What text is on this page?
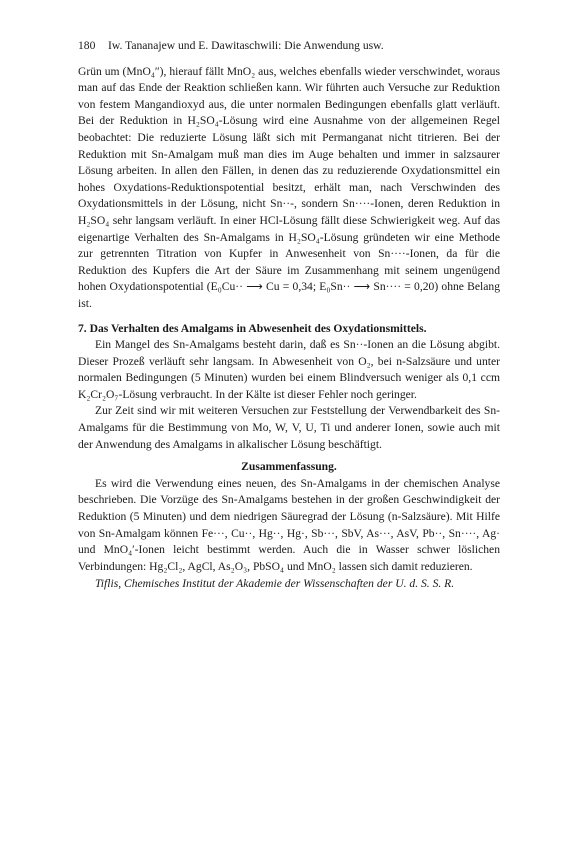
180 Iw. Tananajew und E. Dawitaschwili: Die Anwendung usw.

Grün um (MnO₄″), hierauf fällt MnO₂ aus, welches ebenfalls wieder verschwindet, woraus man auf das Ende der Reaktion schließen kann. Wir führten auch Versuche zur Reduktion von festem Mangandioxyd aus, die unter normalen Bedingungen ebenfalls glatt verläuft. Bei der Reduktion in H₂SO₄-Lösung wird eine Ausnahme von der allgemeinen Regel beobachtet: Die reduzierte Lösung läßt sich mit Permanganat nicht titrieren. Bei der Reduktion mit Sn-Amalgam muß man dies im Auge behalten und immer in salzsaurer Lösung arbeiten. In allen den Fällen, in denen das zu reduzierende Oxydationsmittel ein hohes Oxydations-Reduktionspotential besitzt, erhält man, nach Verschwinden des Oxydationsmittels in der Lösung, nicht Sn··-, sondern Sn····-Ionen, deren Reduktion in H₂SO₄ sehr langsam verläuft. In einer HCl-Lösung fällt diese Schwierigkeit weg. Auf das eigenartige Verhalten des Sn-Amalgams in H₂SO₄-Lösung gründeten wir eine Methode zur getrennten Titration von Kupfer in Anwesenheit von Sn····-Ionen, da für die Reduktion des Kupfers die Art der Säure im Zusammenhang mit seinem ungenügend hohen Oxydationspotential (E₀Cu·· ⟶ Cu = 0,34; E₀Sn·· ⟶ Sn···· = 0,20) ohne Belang ist.

7. Das Verhalten des Amalgams in Abwesenheit des Oxydationsmittels.

Ein Mangel des Sn-Amalgams besteht darin, daß es Sn··-Ionen an die Lösung abgibt. Dieser Prozeß verläuft sehr langsam. In Abwesenheit von O₂, bei n-Salzsäure und unter normalen Bedingungen (5 Minuten) wurden bei einem Blindversuch weniger als 0,1 ccm K₂Cr₂O₇-Lösung verbraucht. In der Kälte ist dieser Fehler noch geringer.

Zur Zeit sind wir mit weiteren Versuchen zur Feststellung der Verwendbarkeit des Sn-Amalgams für die Bestimmung von Mo, W, V, U, Ti und anderer Ionen, sowie auch mit der Anwendung des Amalgams in alkalischer Lösung beschäftigt.

Zusammenfassung.

Es wird die Verwendung eines neuen, des Sn-Amalgams in der chemischen Analyse beschrieben. Die Vorzüge des Sn-Amalgams bestehen in der großen Geschwindigkeit der Reduktion (5 Minuten) und dem niedrigen Säuregrad der Lösung (n-Salzsäure). Mit Hilfe von Sn-Amalgam können Fe···, Cu··, Hg··, Hg·, Sb···, SbV, As···, AsV, Pb··, Sn····, Ag· und MnO₄′-Ionen leicht bestimmt werden. Auch die in Wasser schwer löslichen Verbindungen: Hg₂Cl₂, AgCl, As₂O₃, PbSO₄ und MnO₂ lassen sich damit reduzieren.

Tiflis, Chemisches Institut der Akademie der Wissenschaften der U. d. S. S. R.
